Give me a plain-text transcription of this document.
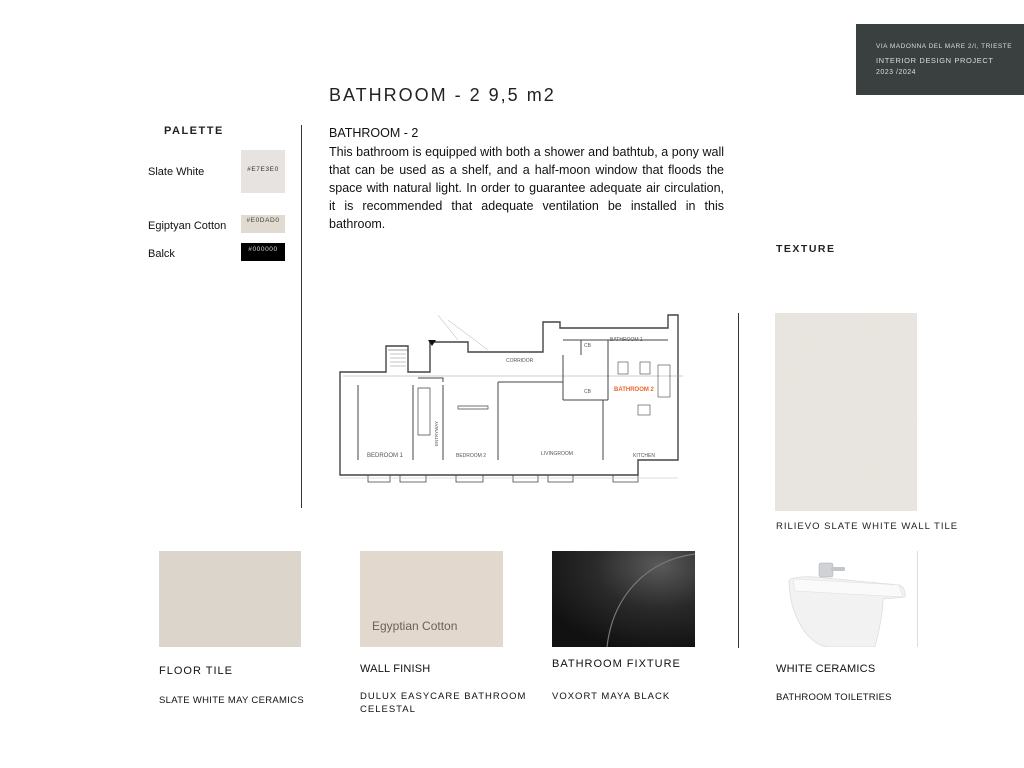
VIA MADONNA DEL MARE 2/I, TRIESTE
INTERIOR DESIGN PROJECT
2023 /2024
BATHROOM - 2 9,5 m2
PALETTE
Slate White	#E7E3E0
Egiptyan Cotton	#E0DAD0
Balck	#000000
BATHROOM - 2

This bathroom is equipped with both a shower and bathtub, a pony wall that can be used as a shelf, and a half-moon window that floods the space with natural light. In order to guarantee adequate air circulation, it is recommended that adequate ventilation be installed in this bathroom.

BATHROOM 1
BATHROOM 2
CORRIDOR
CB
CB
BEDROOM 1	BEDROOM 2	LIVINGROOM	KITCHEN
ENTRYWAY
TEXTURE
RILIEVO SLATE WHITE WALL TILE
Egyptian Cotton
FLOOR TILE
SLATE WHITE MAY CERAMICS
WALL FINISH
DULUX EASYCARE BATHROOM CELESTAL
BATHROOM FIXTURE
VOXORT MAYA BLACK
WHITE CERAMICS
BATHROOM TOILETRIES
